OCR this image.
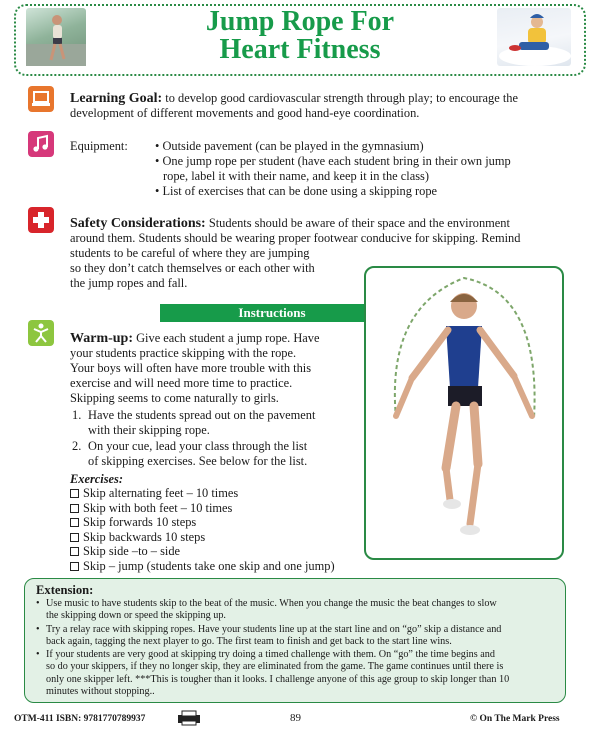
Jump Rope For
Heart Fitness
Learning Goal: to develop good cardiovascular strength through play; to encourage the
development of different movements and good hand-eye coordination.
Equipment:
• Outside pavement (can be played in the gymnasium)
• One jump rope per student (have each student bring in their own jump
rope, label it with their name, and keep it in the class)
• List of exercises that can be done using a skipping rope
Safety Considerations: Students should be aware of their space and the environment
around them. Students should be wearing proper footwear conducive for skipping. Remind
students to be careful of where they are jumping
so they don’t catch themselves or each other with
the jump ropes and fall.
Instructions
Warm-up: Give each student a jump rope. Have
your students practice skipping with the rope.
Your boys will often have more trouble with this
exercise and will need more time to practice.
Skipping seems to come naturally to girls.
1. Have the students spread out on the pavement
with their skipping rope.
2. On your cue, lead your class through the list
of skipping exercises. See below for the list.
Exercises:
Skip alternating feet – 10 times
Skip with both feet – 10 times
Skip forwards 10 steps
Skip backwards 10 steps
Skip side –to – side
Skip – jump (students take one skip and one jump)
Extension:
• Use music to have students skip to the beat of the music. When you change the music the beat changes to slow
the skipping down or speed the skipping up.
• Try a relay race with skipping ropes. Have your students line up at the start line and on “go” skip a distance and
back again, tagging the next player to go. The first team to finish and get back to the start line wins.
• If your students are very good at skipping try doing a timed challenge with them. On “go” the time begins and
so do your skippers, if they no longer skip, they are eliminated from the game. The game continues until there is
only one skipper left. ***This is tougher than it looks. I challenge anyone of this age group to skip longer than 10
minutes without stopping..
OTM-411 ISBN: 9781770789937	89	© On The Mark Press
